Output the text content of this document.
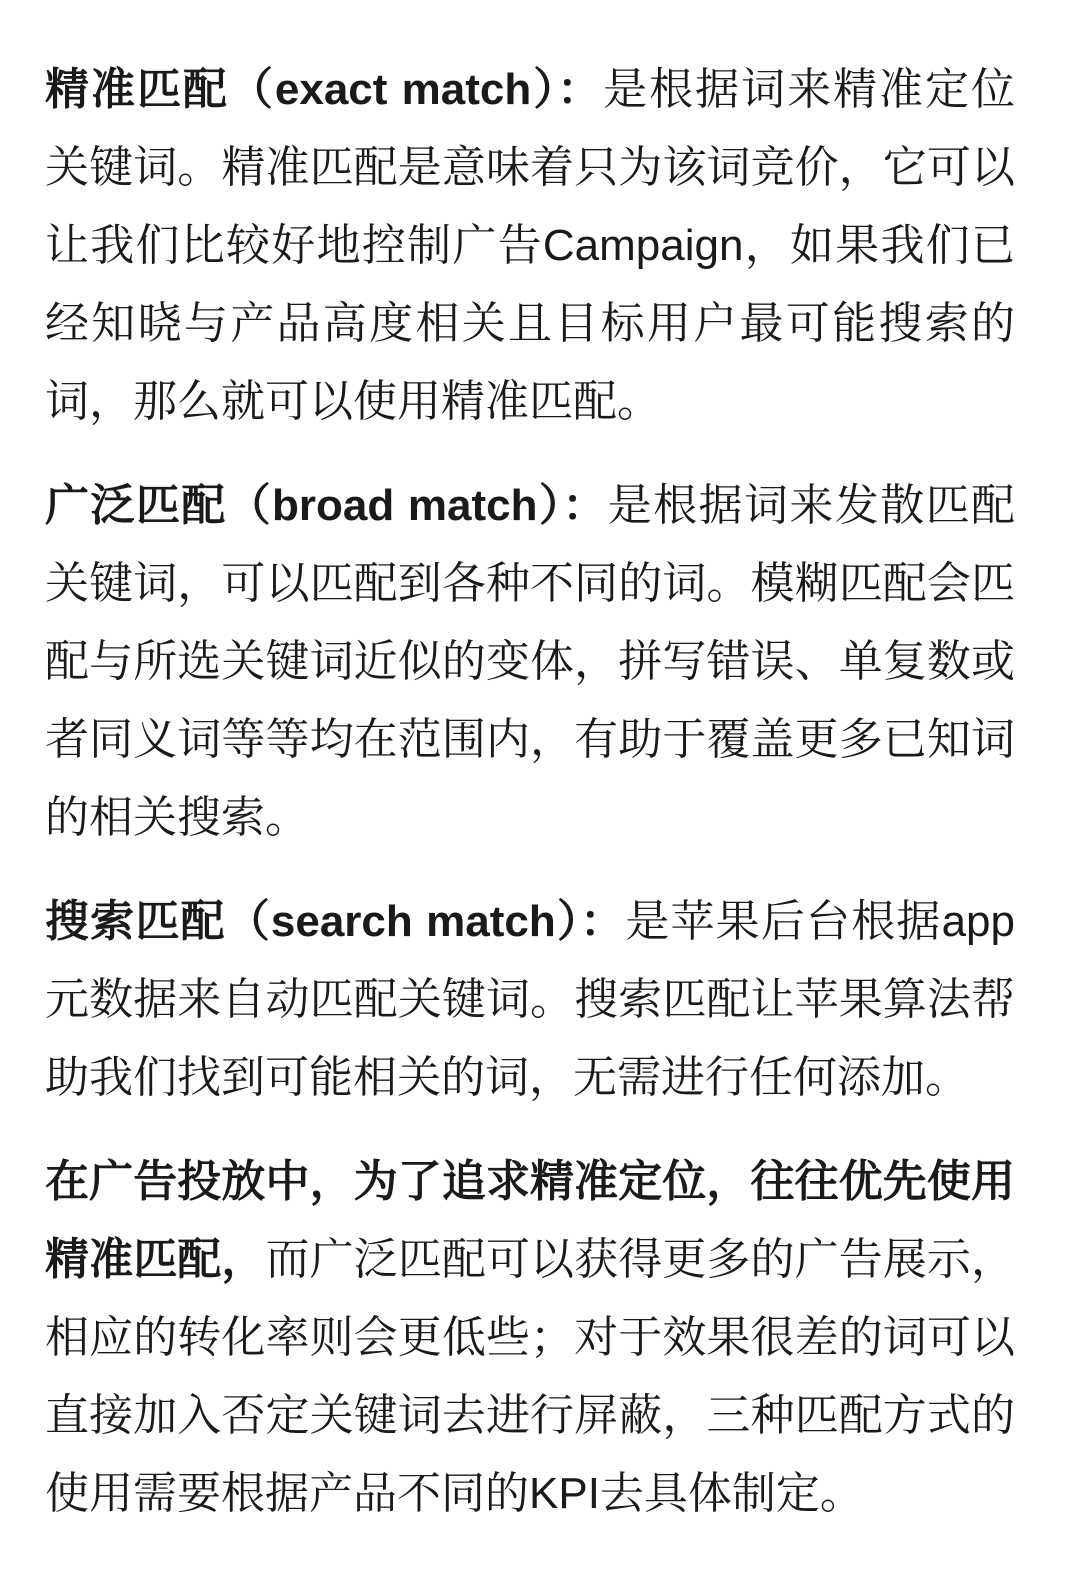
精准匹配（exact match）：是根据词来精准定位关键词。精准匹配是意味着只为该词竞价，它可以让我们比较好地控制广告Campaign，如果我们已经知晓与产品高度相关且目标用户最可能搜索的词，那么就可以使用精准匹配。

广泛匹配（broad match）：是根据词来发散匹配关键词，可以匹配到各种不同的词。模糊匹配会匹配与所选关键词近似的变体，拼写错误、单复数或者同义词等等均在范围内，有助于覆盖更多已知词的相关搜索。

搜索匹配（search match）：是苹果后台根据app元数据来自动匹配关键词。搜索匹配让苹果算法帮助我们找到可能相关的词，无需进行任何添加。

在广告投放中，为了追求精准定位，往往优先使用精准匹配，而广泛匹配可以获得更多的广告展示，相应的转化率则会更低些；对于效果很差的词可以直接加入否定关键词去进行屏蔽，三种匹配方式的使用需要根据产品不同的KPI去具体制定。
